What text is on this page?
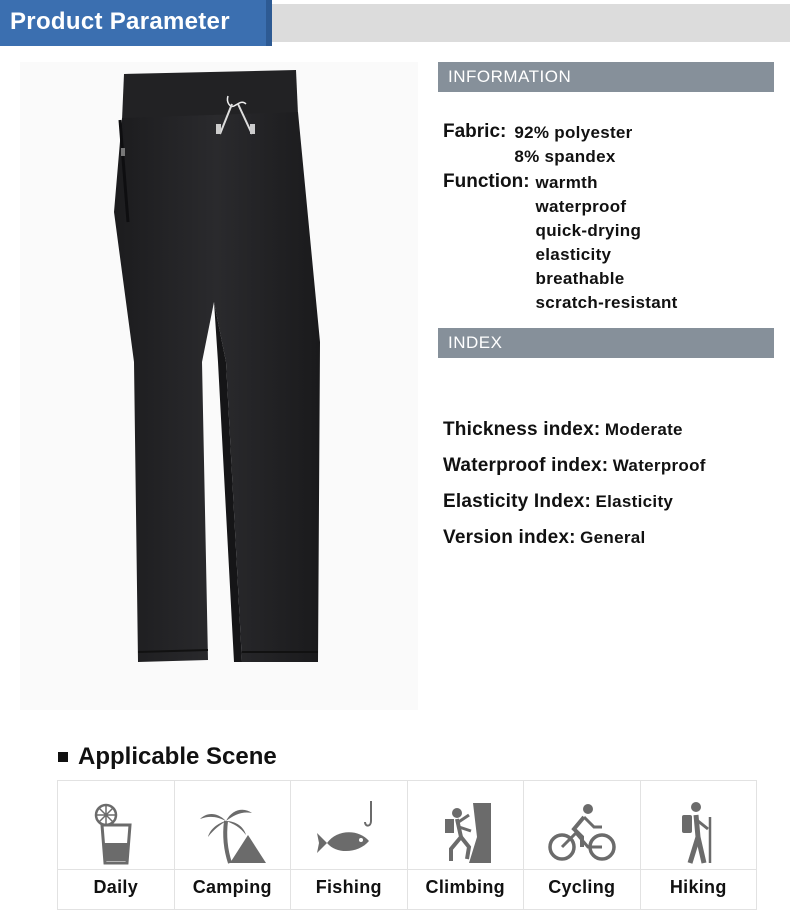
Product Parameter
INFORMATION
Fabric: 92% polyester
8% spandex
Function: warmth
waterproof
quick-drying
elasticity
breathable
scratch-resistant
INDEX
Thickness index: Moderate
Waterproof index: Waterproof
Elasticity Index: Elasticity
Version index: General
Applicable Scene
Daily	Camping	Fishing	Climbing	Cycling	Hiking
